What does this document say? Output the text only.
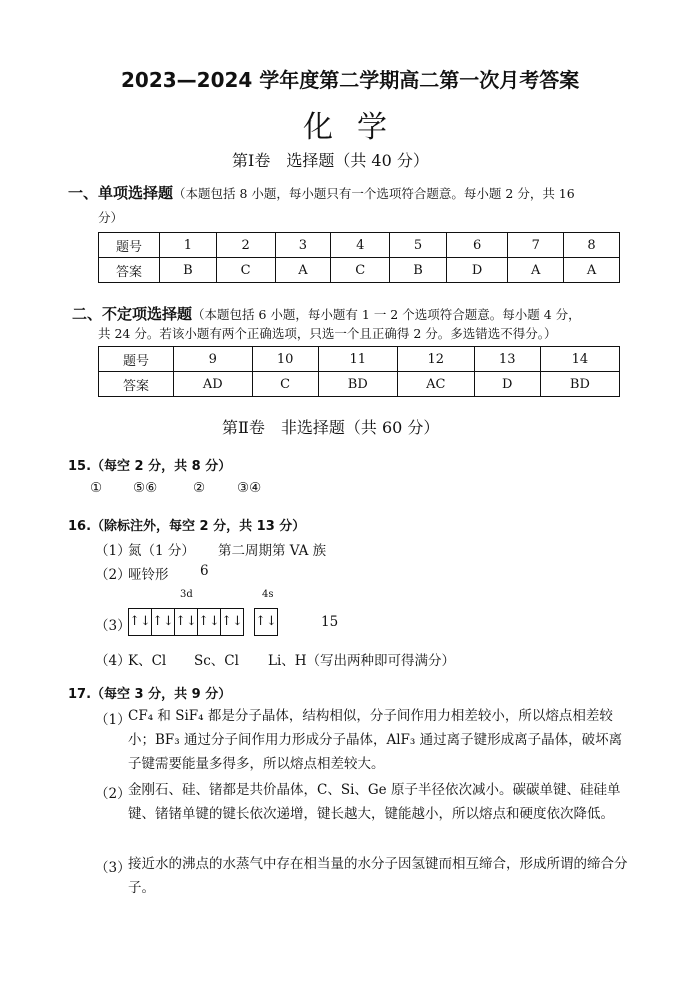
2023—2024 学年度第二学期高二第一次月考答案
化学
第Ⅰ卷　选择题（共 40 分）
一、单项选择题（本题包括 8 小题，每小题只有一个选项符合题意。每小题 2 分，共 16
分）
题号	1	2	3	4	5	6	7	8
答案	B	C	A	C	B	D	A	A
二、不定项选择题（本题包括 6 小题，每小题有 1 一 2 个选项符合题意。每小题 4 分，
共 24 分。若该小题有两个正确选项，只选一个且正确得 2 分。多选错选不得分。）
题号	9	10	11	12	13	14
答案	AD	C	BD	AC	D	BD
第Ⅱ卷　非选择题（共 60 分）
15.（每空 2 分，共 8 分）
① ⑤⑥	② ③④
16.（除标注外，每空 2 分，共 13 分）
（1）
氮（1 分） 第二周期第 VA 族
（2）
哑铃形 6
3d	4s
（3）
↑↓ ↑↓ ↑↓ ↑↓ ↑↓ ↑↓	15
（4）
K、Cl Sc、Cl Li、H（写出两种即可得满分）
17.（每空 3 分，共 9 分）
（1）
CF₄ 和 SiF₄ 都是分子晶体，结构相似，分子间作用力相差较小，所以熔点相差较小；BF₃ 通过分子间作用力形成分子晶体，AlF₃ 通过离子键形成离子晶体，破坏离子键需要能量多得多，所以熔点相差较大。
（2）
金刚石、硅、锗都是共价晶体，C、Si、Ge 原子半径依次减小。碳碳单键、硅硅单键、锗锗单键的键长依次递增，键长越大，键能越小，所以熔点和硬度依次降低。
（3）
接近水的沸点的水蒸气中存在相当量的水分子因氢键而相互缔合，形成所谓的缔合分子。
